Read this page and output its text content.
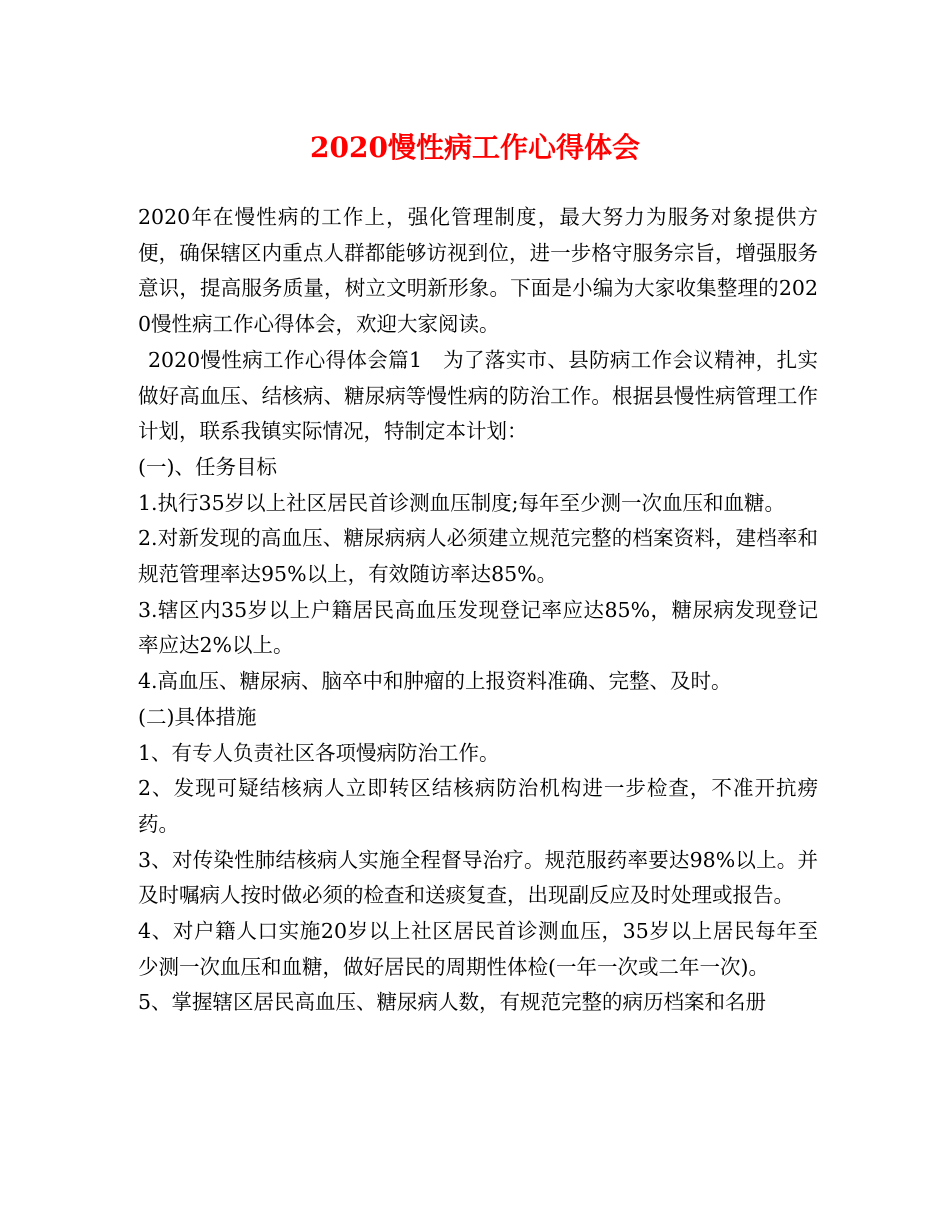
2020慢性病工作心得体会

2020年在慢性病的工作上，强化管理制度，最大努力为服务对象提供方便，确保辖区内重点人群都能够访视到位，进一步格守服务宗旨，增强服务意识，提高服务质量，树立文明新形象。下面是小编为大家收集整理的2020慢性病工作心得体会，欢迎大家阅读。

2020慢性病工作心得体会篇1　为了落实市、县防病工作会议精神，扎实做好高血压、结核病、糖尿病等慢性病的防治工作。根据县慢性病管理工作计划，联系我镇实际情况，特制定本计划：

(一)、任务目标

1.执行35岁以上社区居民首诊测血压制度;每年至少测一次血压和血糖。

2.对新发现的高血压、糖尿病病人必须建立规范完整的档案资料，建档率和规范管理率达95%以上，有效随访率达85%。

3.辖区内35岁以上户籍居民高血压发现登记率应达85%，糖尿病发现登记率应达2%以上。

4.高血压、糖尿病、脑卒中和肿瘤的上报资料准确、完整、及时。

(二)具体措施

1、有专人负责社区各项慢病防治工作。

2、发现可疑结核病人立即转区结核病防治机构进一步检查，不准开抗痨药。

3、对传染性肺结核病人实施全程督导治疗。规范服药率要达98%以上。并及时嘱病人按时做必须的检查和送痰复查，出现副反应及时处理或报告。

4、对户籍人口实施20岁以上社区居民首诊测血压，35岁以上居民每年至少测一次血压和血糖，做好居民的周期性体检(一年一次或二年一次)。

5、掌握辖区居民高血压、糖尿病人数，有规范完整的病历档案和名册
